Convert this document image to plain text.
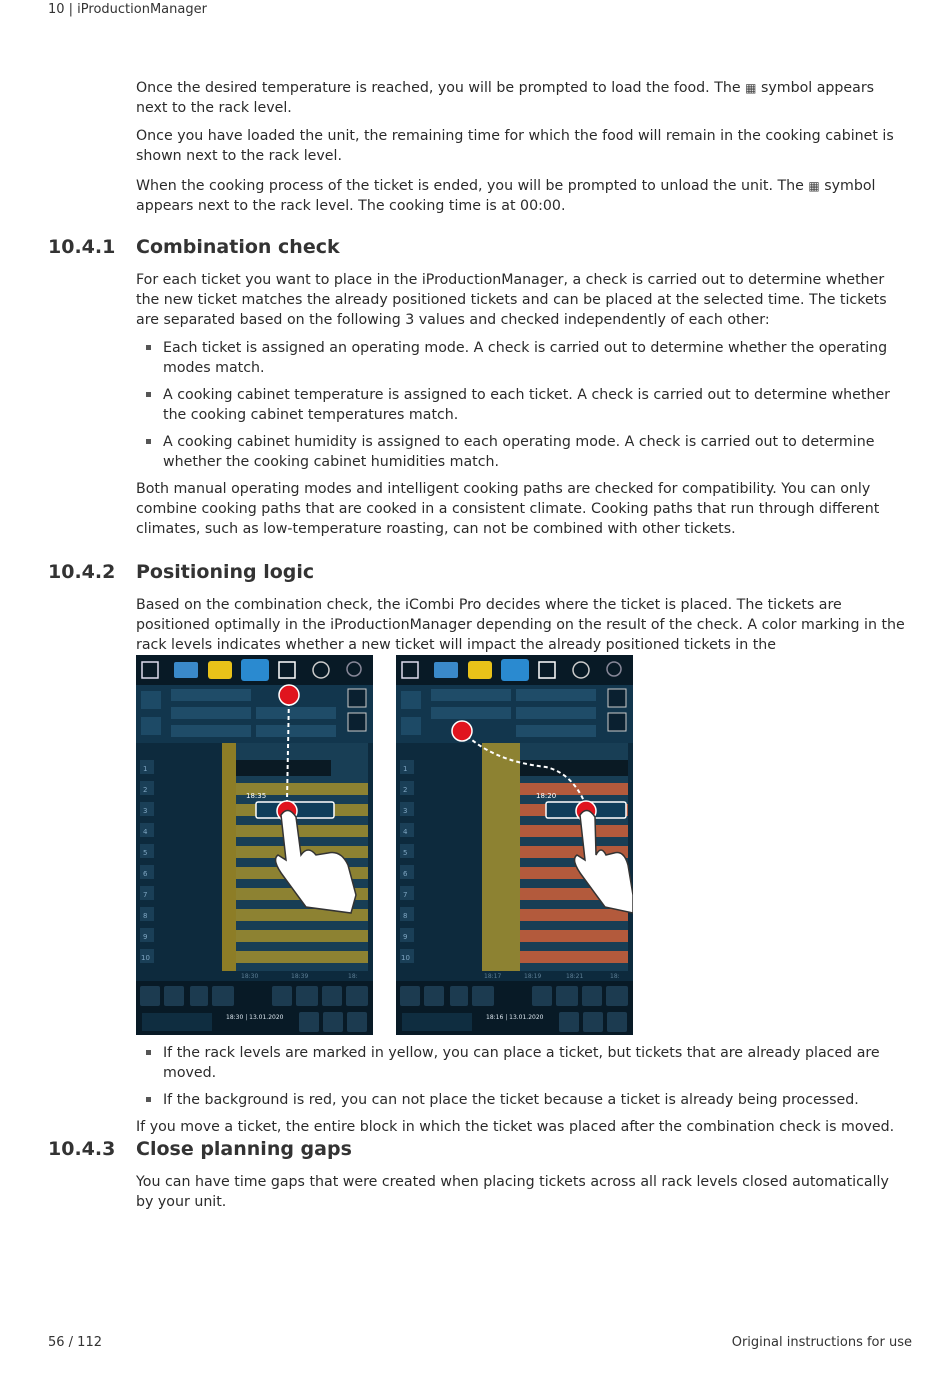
10 | iProductionManager

Once the desired temperature is reached, you will be prompted to load the food. The ▦ symbol appears next to the rack level.

Once you have loaded the unit, the remaining time for which the food will remain in the cooking cabinet is shown next to the rack level.

When the cooking process of the ticket is ended, you will be prompted to unload the unit. The ▦ symbol appears next to the rack level. The cooking time is at 00:00.

10.4.1 Combination check

For each ticket you want to place in the iProductionManager, a check is carried out to determine whether the new ticket matches the already positioned tickets and can be placed at the selected time. The tickets are separated based on the following 3 values and checked independently of each other:

Each ticket is assigned an operating mode. A check is carried out to determine whether the operating modes match.
A cooking cabinet temperature is assigned to each ticket. A check is carried out to determine whether the cooking cabinet temperatures match.
A cooking cabinet humidity is assigned to each operating mode. A check is carried out to determine whether the cooking cabinet humidities match.

Both manual operating modes and intelligent cooking paths are checked for compatibility. You can only combine cooking paths that are cooked in a consistent climate. Cooking paths that run through different climates, such as low-temperature roasting, can not be combined with other tickets.

10.4.2 Positioning logic

Based on the combination check, the iCombi Pro decides where the ticket is placed. The tickets are positioned optimally in the iProductionManager depending on the result of the check. A color marking in the rack levels indicates whether a new ticket will impact the already positioned tickets in the

1
2
3
4
5
6
7
8
9
10
18:35
18:30	18:39	18:
18:30 | 13.01.2020
1
2
3
4
5
6
7
8
9
10
18:20
18:17	18:19	18:21	18:
18:16 | 13.01.2020
If the rack levels are marked in yellow, you can place a ticket, but tickets that are already placed are moved.
If the background is red, you can not place the ticket because a ticket is already being processed.

If you move a ticket, the entire block in which the ticket was placed after the combination check is moved.

10.4.3 Close planning gaps

You can have time gaps that were created when placing tickets across all rack levels closed automatically by your unit.

56 / 112	Original instructions for use
